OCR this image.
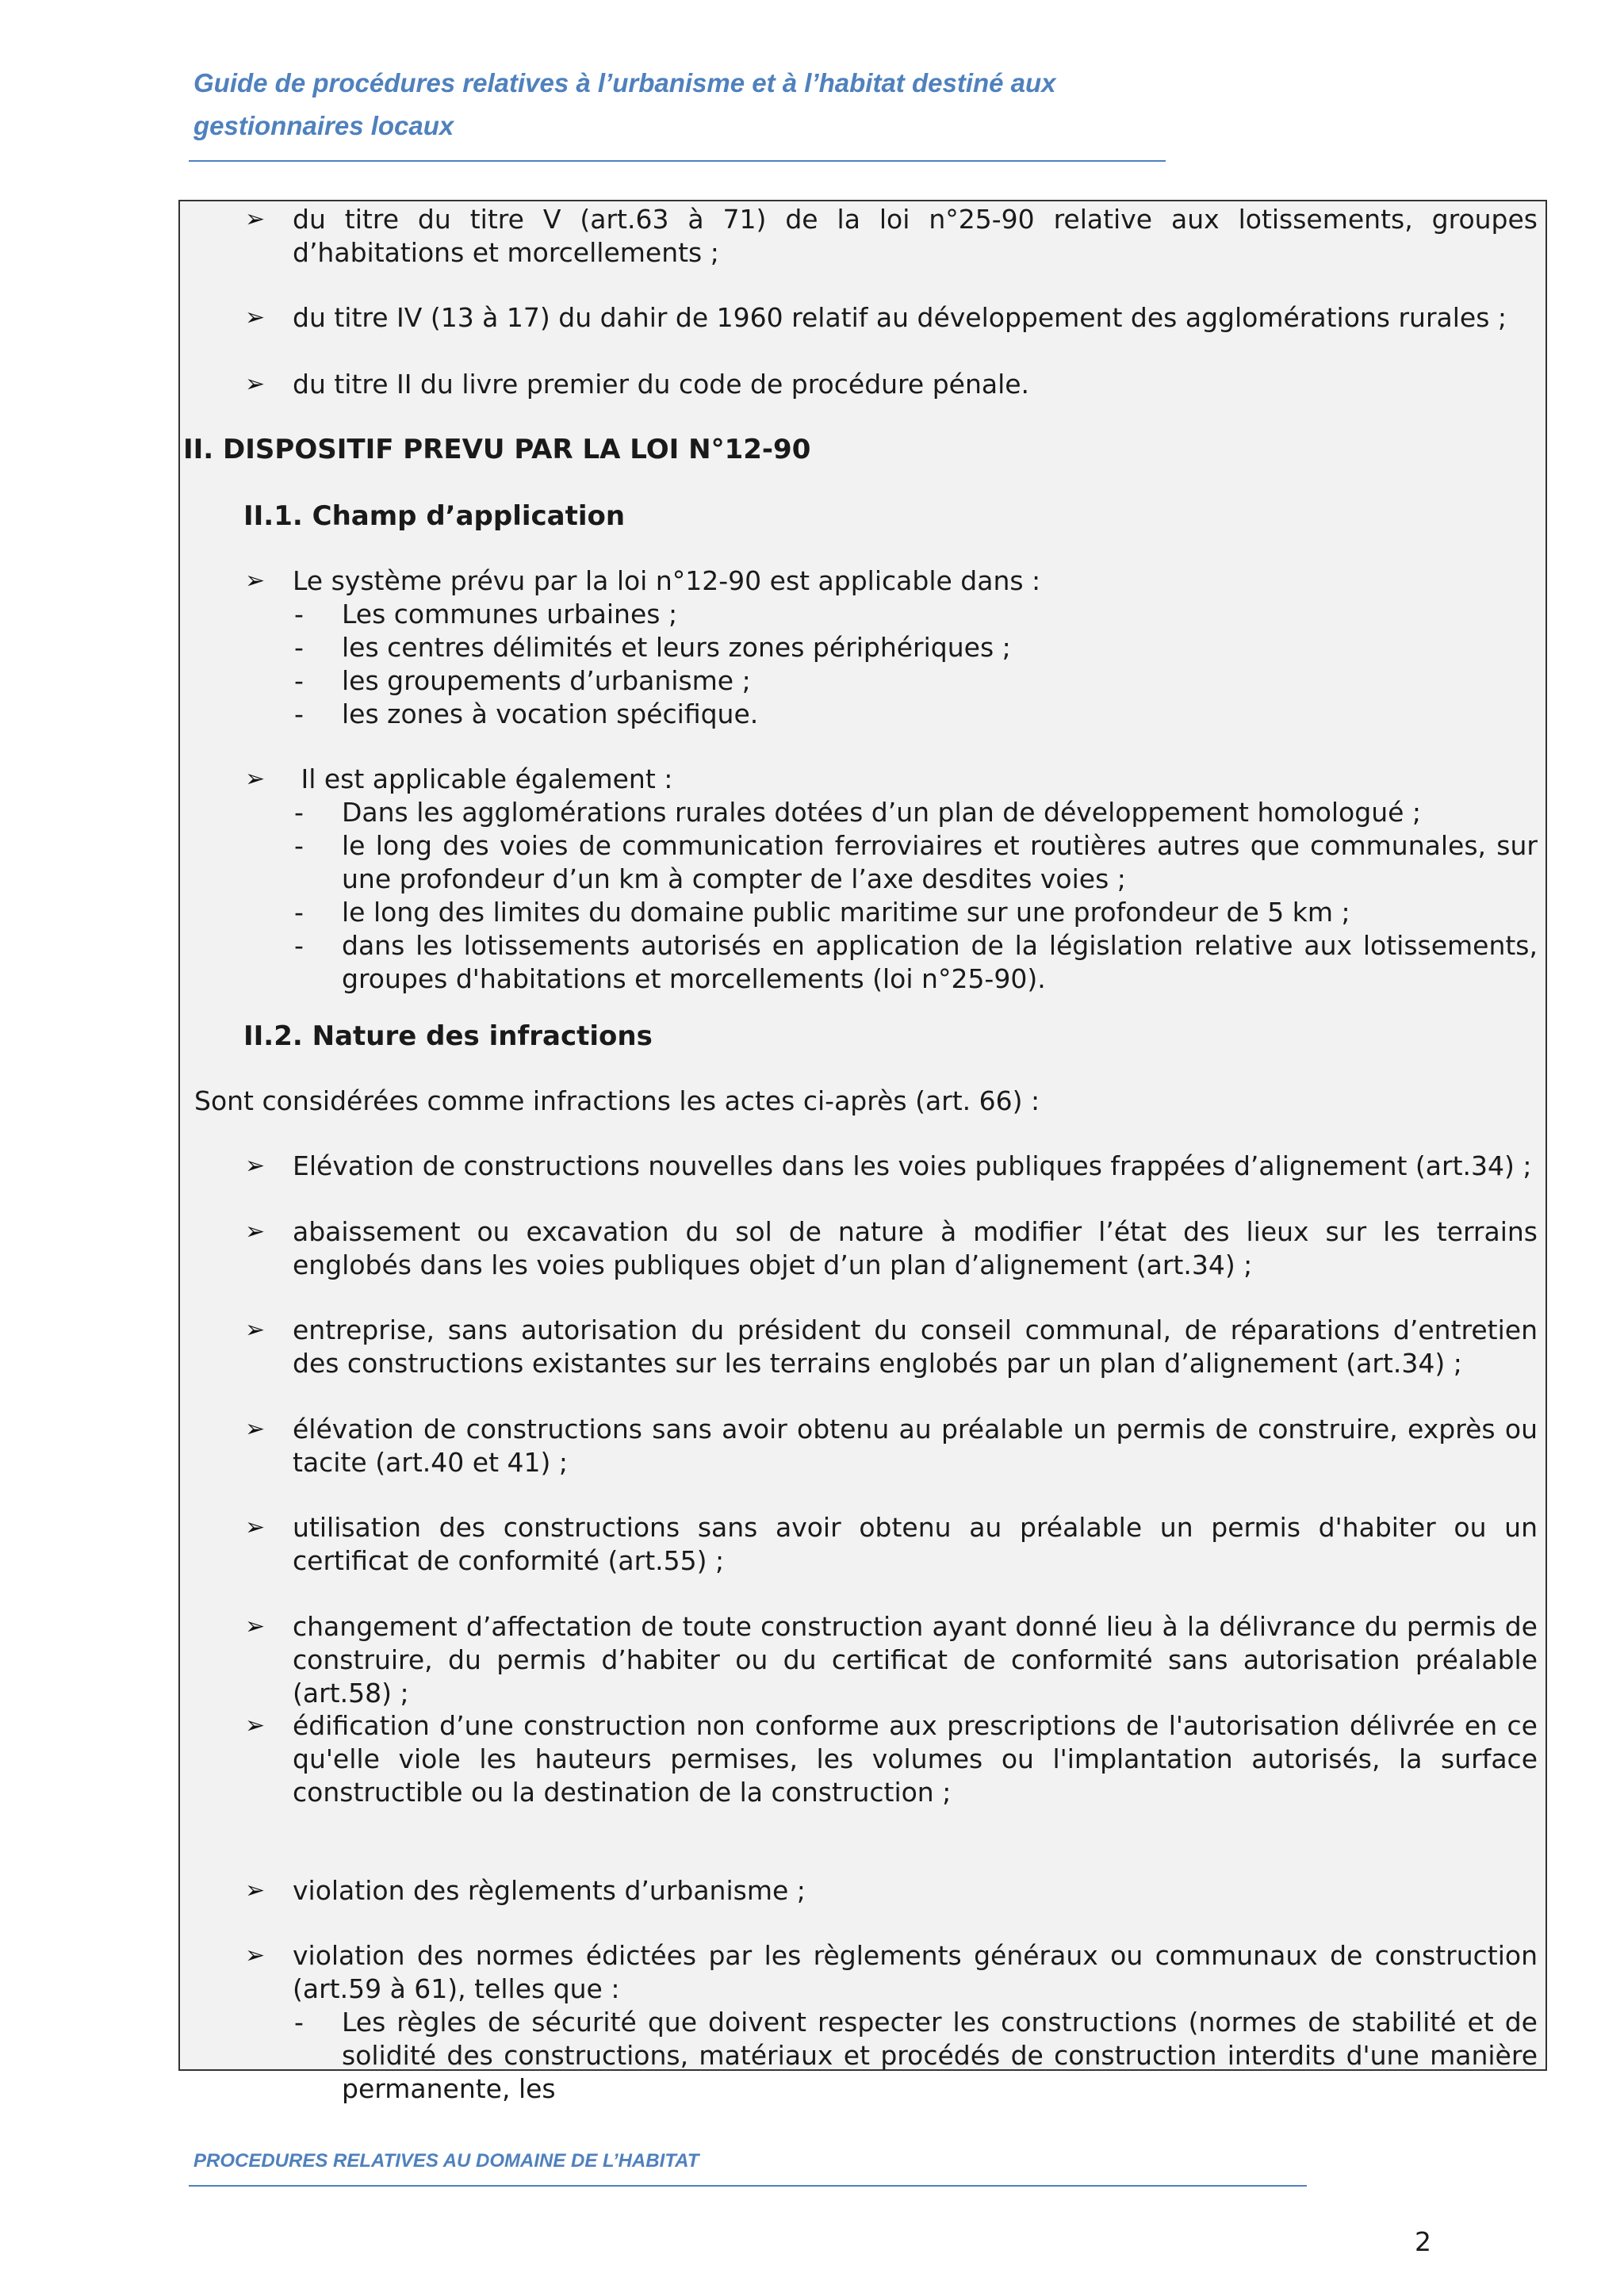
Guide de procédures relatives à l’urbanisme et à l’habitat destiné aux gestionnaires locaux
➢	du titre du titre V (art.63 à 71) de la loi n°25-90 relative aux lotissements, groupes d’habitations et morcellements ;
➢	du titre IV (13 à 17) du dahir de 1960 relatif au développement des agglomérations rurales ;
➢	du titre II du livre premier du code de procédure pénale.
II. DISPOSITIF PREVU PAR LA LOI N°12-90
II.1. Champ d’application
➢	Le système prévu par la loi n°12-90 est applicable dans :
-	Les communes urbaines ;
-	les centres délimités et leurs zones périphériques ;
-	les groupements d’urbanisme ;
-	les zones à vocation spécifique.
➢	Il est applicable également :
-	Dans les agglomérations rurales dotées d’un plan de développement homologué ;
-	le long des voies de communication ferroviaires et routières autres que communales, sur une profondeur d’un km à compter de l’axe desdites voies ;
-	le long des limites du domaine public maritime sur une profondeur de 5 km ;
-	dans les lotissements autorisés en application de la législation relative aux lotissements, groupes d'habitations et morcellements (loi n°25-90).
II.2. Nature des infractions
Sont considérées comme infractions les actes ci-après (art. 66) :
➢	Elévation de constructions nouvelles dans les voies publiques frappées d’alignement (art.34) ;
➢	abaissement ou excavation du sol de nature à modifier l’état des lieux sur les terrains englobés dans les voies publiques objet d’un plan d’alignement (art.34) ;
➢	entreprise, sans autorisation du président du conseil communal, de réparations d’entretien des constructions existantes sur les terrains englobés par un plan d’alignement (art.34) ;
➢	élévation de constructions sans avoir obtenu au préalable un permis de construire, exprès ou tacite (art.40 et 41) ;
➢	utilisation des constructions sans avoir obtenu au préalable un permis d'habiter ou un certificat de conformité (art.55) ;
➢	changement d’affectation de toute construction ayant donné lieu à la délivrance du permis de construire, du permis d’habiter ou du certificat de conformité sans autorisation préalable (art.58) ;
➢	édification d’une construction non conforme aux prescriptions de l'autorisation délivrée en ce qu'elle viole les hauteurs permises, les volumes ou l'implantation autorisés, la surface constructible ou la destination de la construction ;
➢	violation des règlements d’urbanisme ;
➢	violation des normes édictées par les règlements généraux ou communaux de construction (art.59 à 61), telles que :
-	Les règles de sécurité que doivent respecter les constructions (normes de stabilité et de solidité des constructions, matériaux et procédés de construction interdits d'une manière permanente, les
PROCEDURES RELATIVES AU DOMAINE DE L’HABITAT
2
